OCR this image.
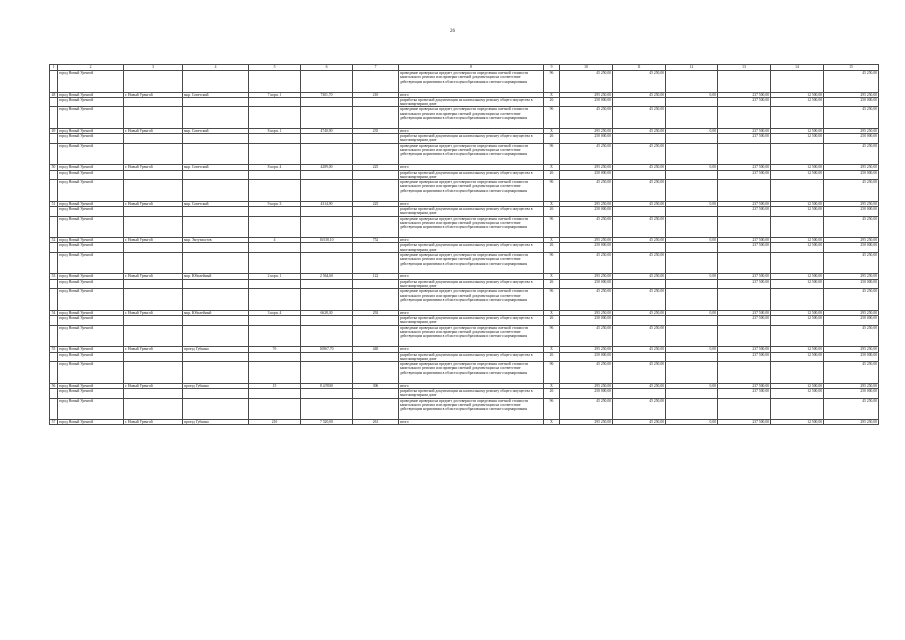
26
1	2	3	4	5	6	7	8	9	10	11	12	13	14	15
	город Новый Уренгой						проведение проверки на предмет достоверности определения сметной стоимости капитального ремонта или проверки сметной документации на соответствие действующим нормативам в области ценообразования и сметного нормирования	96	45 250,00	45 250,00				45 250,00
48	город Новый Уренгой	г. Новый Уренгой	мкр. Советский	7 корп. 1	7301,70	210	итого	Х	295 250,00	45 250,00	0,00	237 500,00	12 500,00	295 250,00
	город Новый Уренгой						разработка проектной документации на капитальному ремонту общего имущества в многоквартирном доме	26	250 000,00			237 500,00	12 500,00	250 000,00
	город Новый Уренгой						проведение проверки на предмет достоверности определения сметной стоимости капитального ремонта или проверки сметной документации на соответствие действующим нормативам в области ценообразования и сметного нормирования	96	45 250,00	45 250,00				45 250,00
49	город Новый Уренгой	г. Новый Уренгой	мкр. Советский	8 корп. 1	4740,90	235	итого	Х	295 250,00	45 250,00	0,00	237 500,00	12 500,00	295 250,00
	город Новый Уренгой						разработка проектной документации на капитальному ремонту общего имущества в многоквартирном доме	26	250 000,00			237 500,00	12 500,00	250 000,00
	город Новый Уренгой						проведение проверки на предмет достоверности определения сметной стоимости капитального ремонта или проверки сметной документации на соответствие действующим нормативам в области ценообразования и сметного нормирования	96	45 250,00	45 250,00				45 250,00
50	город Новый Уренгой	г. Новый Уренгой	мкр. Советский	8 корп. 4	4289,00	225	итого	Х	295 250,00	45 250,00	0,00	237 500,00	12 500,00	295 250,00
	город Новый Уренгой						разработка проектной документации на капитальному ремонту общего имущества в многоквартирном доме	26	250 000,00			237 500,00	12 500,00	250 000,00
	город Новый Уренгой						проведение проверки на предмет достоверности определения сметной стоимости капитального ремонта или проверки сметной документации на соответствие действующим нормативам в области ценообразования и сметного нормирования	96	45 250,00	45 250,00				45 250,00
51	город Новый Уренгой	г. Новый Уренгой	мкр. Советский	9 корп. 3	4314,90	225	итого	Х	295 250,00	45 250,00	0,00	237 500,00	12 500,00	295 250,00
	город Новый Уренгой						разработка проектной документации на капитальному ремонту общего имущества в многоквартирном доме	26	250 000,00			237 500,00	12 500,00	250 000,00
	город Новый Уренгой						проведение проверки на предмет достоверности определения сметной стоимости капитального ремонта или проверки сметной документации на соответствие действующим нормативам в области ценообразования и сметного нормирования	96	45 250,00	45 250,00				45 250,00
52	город Новый Уренгой	г. Новый Уренгой	мкр. Энтузиастов	4	16538,10	752	итого	Х	295 250,00	45 250,00	0,00	237 500,00	12 500,00	295 250,00
	город Новый Уренгой						разработка проектной документации на капитальному ремонту общего имущества в многоквартирном доме	26	250 000,00			237 500,00	12 500,00	250 000,00
	город Новый Уренгой						проведение проверки на предмет достоверности определения сметной стоимости капитального ремонта или проверки сметной документации на соответствие действующим нормативам в области ценообразования и сметного нормирования	96	45 250,00	45 250,00				45 250,00
53	город Новый Уренгой	г. Новый Уренгой	мкр. Юбилейный	2 корп. 1	2 564,60	122	итого	Х	295 250,00	45 250,00	0,00	237 500,00	12 500,00	295 250,00
	город Новый Уренгой						разработка проектной документации на капитальному ремонту общего имущества в многоквартирном доме	26	250 000,00			237 500,00	12 500,00	250 000,00
	город Новый Уренгой						проведение проверки на предмет достоверности определения сметной стоимости капитального ремонта или проверки сметной документации на соответствие действующим нормативам в области ценообразования и сметного нормирования	96	45 250,00	45 250,00				45 250,00
54	город Новый Уренгой	г. Новый Уренгой	мкр. Юбилейный	3 корп. 4	6628,30	292	итого	Х	295 250,00	45 250,00	0,00	237 500,00	12 500,00	295 250,00
	город Новый Уренгой						разработка проектной документации на капитальному ремонту общего имущества в многоквартирном доме	26	250 000,00			237 500,00	12 500,00	250 000,00
	город Новый Уренгой						проведение проверки на предмет достоверности определения сметной стоимости капитального ремонта или проверки сметной документации на соответствие действующим нормативам в области ценообразования и сметного нормирования	96	45 250,00	45 250,00				45 250,00
55	город Новый Уренгой	г. Новый Уренгой	проезд Губкина	7б	10867,70	440	итого	Х	295 250,00	45 250,00	0,00	237 500,00	12 500,00	295 250,00
	город Новый Уренгой						разработка проектной документации на капитальному ремонту общего имущества в многоквартирном доме	26	250 000,00			237 500,00	12 500,00	250 000,00
	город Новый Уренгой						проведение проверки на предмет достоверности определения сметной стоимости капитального ремонта или проверки сметной документации на соответствие действующим нормативам в области ценообразования и сметного нормирования	96	45 250,00	45 250,00				45 250,00
56	город Новый Уренгой	г. Новый Уренгой	проезд Губкина	15	8 4/5930	306	итого	Х	295 250,00	45 250,00	0,00	237 500,00	12 500,00	295 250,00
	город Новый Уренгой						разработка проектной документации на капитальному ремонту общего имущества в многоквартирном доме	26	250 000,00			237 500,00	12 500,00	250 000,00
	город Новый Уренгой						проведение проверки на предмет достоверности определения сметной стоимости капитального ремонта или проверки сметной документации на соответствие действующим нормативам в области ценообразования и сметного нормирования	96	45 250,00	45 250,00				45 250,00
57	город Новый Уренгой	г. Новый Уренгой	проезд Губкина	21б	7 520,00	261	итого	Х	295 250,00	45 250,00	0,00	237 500,00	12 500,00	295 250,00
